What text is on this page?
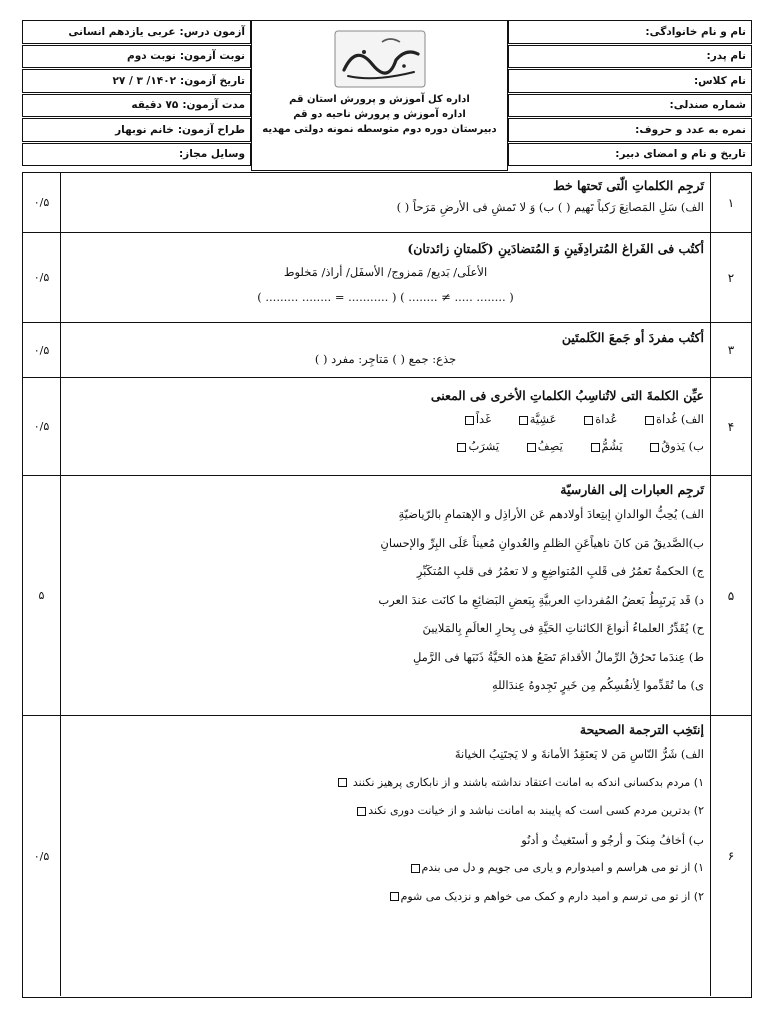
آزمون درس:
عربی یازدهم انسانی
نوبت آزمون:
نوبت دوم
تاریخ آزمون:
۱۴۰۲/ ۳ / ۲۷
مدت آزمون:
۷۵ دقیقه
طراح آزمون:
خانم نوبهار
وسایل مجاز:
اداره کل آموزش و پرورش استان قم
اداره آموزش و پرورش ناحیه دو قم
دبیرستان دوره دوم متوسطه نمونه دولتی مهدیه
نام و نام خانوادگی:
نام پدر:
نام کلاس:
شماره صندلی:
نمره به عدد و حروف:
تاریخ و نام و امضای دبیر:
۰/۵
تَرجِم الکلماتِ الّتی تَحتها خط
الف) سَلِ المَصانِعَ رَکباً تَهیم ( ) ب) وَ لا تَمشِ فی الأرضِ مَرَحاً ( )	۱
۰/۵
أکتُب فی الفَراغ المُترادِفَینِ وَ المُتضادَینِ (کَلمتانِ زائدتان)
الأعلَی/ بَدیع/ مَمزوج/ الأسفَل/ أراذ/ مَخلوط
( ........ ..... ≠ ........ ) ( ........... = ........ ......... )
۲
۰/۵
أکتُب مفردَ أو جَمعَ الکَلمتَین
جذع: جمع ( ) مَتاجِر: مفرد ( )
۳
۰/۵
عیِّن الکلمةَ التی لاتُناسِبُ الکلماتِ الأخری فی المعنی
الف) غُداة عُداة عَشِیَّة غَداً
ب) یَذوقُ یَشُمُّ یَصِفُ یَشرَبُ
۴
۵
تَرجِم العبارات إلی الفارسیّة
الف) یُحِبُّ الوالدانِ إبتِعادَ أولادهم عَن الأراذِل و الإهتمامِ بالرّیاضیّةِ
ب)الصَّدیقُ مَن کانَ ناهیاًعَنِ الظلمِ والعُدوانِ مُعیناً عَلَی البِرِّ والإحسانِ
ج) الحکمةُ تَعمُرُ فی قَلبِ المُتواضِعِ و لا تعمُرُ فی قلبِ المُتکَبِّرِ
د) قَد یَرتَبِطُ بَعضُ المُفرداتِ العربیَّةِ بِبَعضِ البَضائِعِ ما کانَت عندَ العرب
ح) یُقَدِّرُ العلماءُ أنواعَ الکائناتِ الحَیَّةِ فی بِحارِ العالَمِ بِالمَلایینَ
ط) عِندَما تَحرُقُ الرِّمالُ الأقدامَ تَضَعُ هذه الحَیَّةُ ذَنَبَها فی الرَّملِ
ی) ما تُقَدِّموا لِأنفُسِکُم مِن خَیرٍ تَجِدوهُ عِندَاللهِ
۵
۰/۵
إنتَخِب الترجمة الصحیحة
الف) شَرُّ النّاسِ مَن لا یَعتَقِدُ الأمانةَ و لا یَجتَنِبُ الخیانةَ
۱) مردم بدکسانی اندکه به امانت اعتقاد نداشته باشند و از نابکاری پرهیز نکنند
۲) بدترین مردم کسی است که پایبند به امانت نباشد و از خیانت دوری نکند
ب) أخافُ مِنکَ و أرجُو و أستَغیثُ و أدنُو
۱) از تو می هراسم و امیدوارم و یاری می جویم و دل می بندم
۲) از تو می ترسم و امید دارم و کمک می خواهم و نزدیک می شوم
۶
